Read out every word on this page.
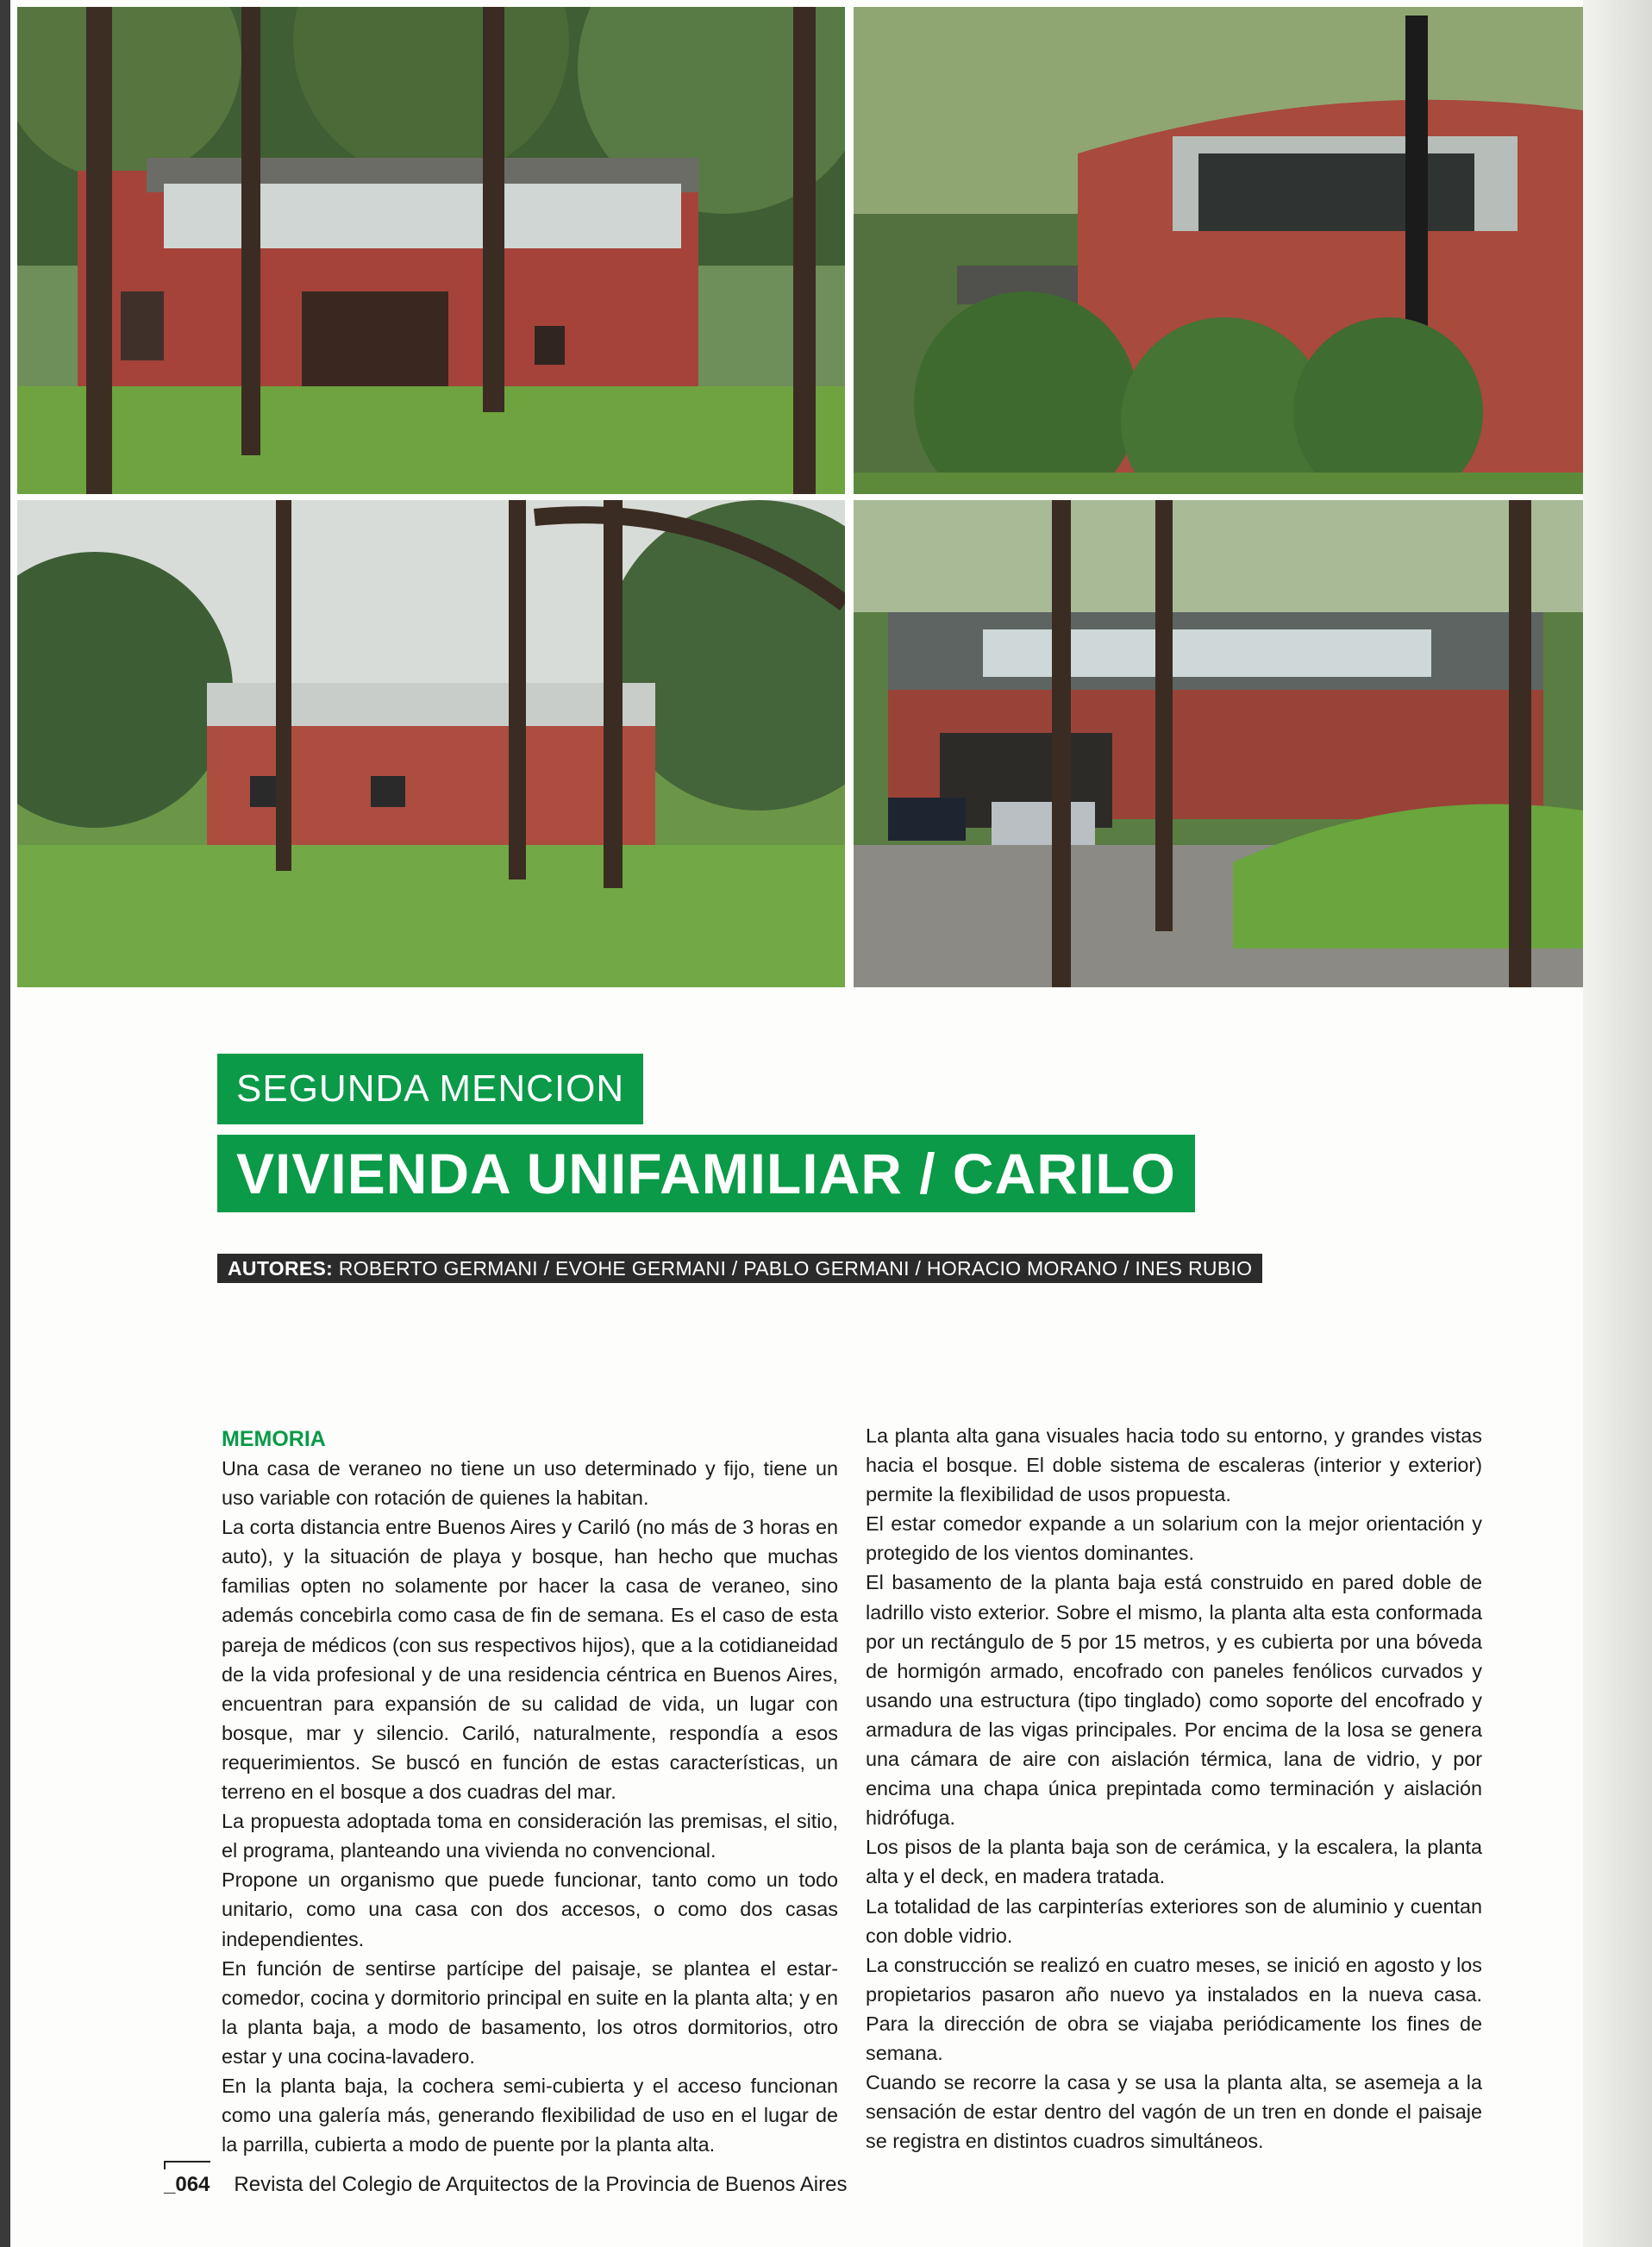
SEGUNDA MENCION
VIVIENDA UNIFAMILIAR / CARILO
AUTORES: ROBERTO GERMANI / EVOHE GERMANI / PABLO GERMANI / HORACIO MORANO / INES RUBIO
MEMORIA

Una casa de veraneo no tiene un uso determinado y fijo, tiene un uso variable con rotación de quienes la habitan.

La corta distancia entre Buenos Aires y Cariló (no más de 3 horas en auto), y la situación de playa y bosque, han hecho que muchas familias opten no solamente por hacer la casa de veraneo, sino además concebirla como casa de fin de semana. Es el caso de esta pareja de médicos (con sus respectivos hijos), que a la cotidianeidad de la vida profesional y de una residencia céntrica en Buenos Aires, encuentran para expansión de su calidad de vida, un lugar con bosque, mar y silencio. Cariló, naturalmente, respondía a esos requerimientos. Se buscó en función de estas características, un terreno en el bosque a dos cuadras del mar.

La propuesta adoptada toma en consideración las premisas, el sitio, el programa, planteando una vivienda no convencional.

Propone un organismo que puede funcionar, tanto como un todo unitario, como una casa con dos accesos, o como dos casas independientes.

En función de sentirse partícipe del paisaje, se plantea el estar-comedor, cocina y dormitorio principal en suite en la planta alta; y en la planta baja, a modo de basamento, los otros dormitorios, otro estar y una cocina-lavadero.

En la planta baja, la cochera semi-cubierta y el acceso funcionan como una galería más, generando flexibilidad de uso en el lugar de la parrilla, cubierta a modo de puente por la planta alta.

La planta alta gana visuales hacia todo su entorno, y grandes vistas hacia el bosque. El doble sistema de escaleras (interior y exterior) permite la flexibilidad de usos propuesta.

El estar comedor expande a un solarium con la mejor orientación y protegido de los vientos dominantes.

El basamento de la planta baja está construido en pared doble de ladrillo visto exterior. Sobre el mismo, la planta alta esta conformada por un rectángulo de 5 por 15 metros, y es cubierta por una bóveda de hormigón armado, encofrado con paneles fenólicos curvados y usando una estructura (tipo tinglado) como soporte del encofrado y armadura de las vigas principales. Por encima de la losa se genera una cámara de aire con aislación térmica, lana de vidrio, y por encima una chapa única prepintada como terminación y aislación hidrófuga.

Los pisos de la planta baja son de cerámica, y la escalera, la planta alta y el deck, en madera tratada.

La totalidad de las carpinterías exteriores son de aluminio y cuentan con doble vidrio.

La construcción se realizó en cuatro meses, se inició en agosto y los propietarios pasaron año nuevo ya instalados en la nueva casa. Para la dirección de obra se viajaba periódicamente los fines de semana.

Cuando se recorre la casa y se usa la planta alta, se asemeja a la sensación de estar dentro del vagón de un tren en donde el paisaje se registra en distintos cuadros simultáneos.

_064 Revista del Colegio de Arquitectos de la Provincia de Buenos Aires
